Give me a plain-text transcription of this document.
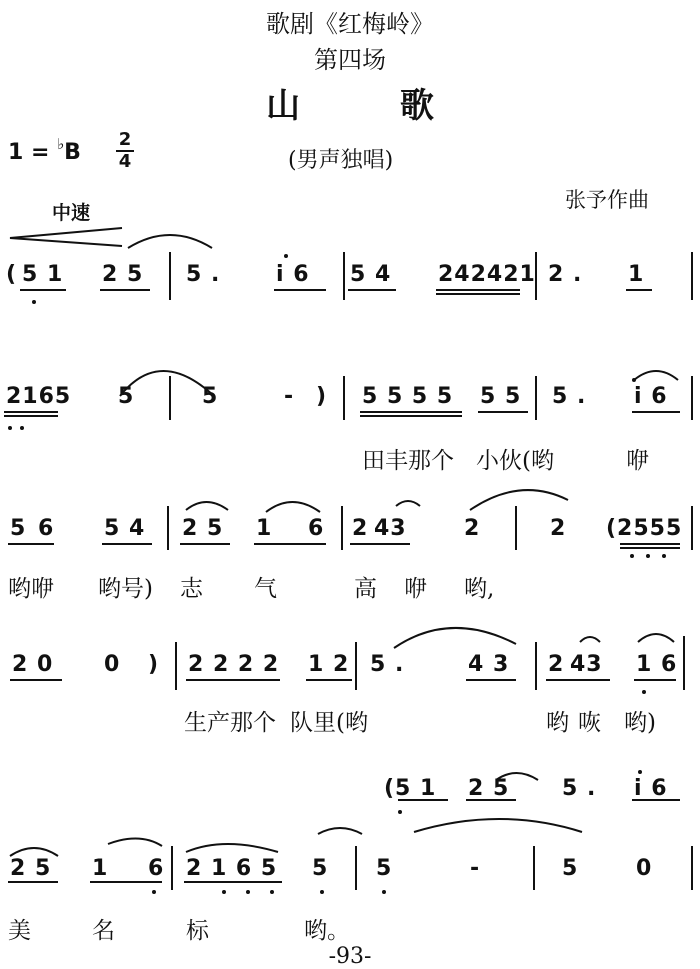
歌剧《红梅岭》
第四场
山 歌
$1 = ^♭B \frac{2}{4}$	(男声独唱)
张予作曲
中速
( 5 1 2 5 5 .	i 6 5 4 242421 2 . 1
2165 5	5	- ) 5 5 5 5 5 5 5 . i 6
田丰那个 小伙(哟	咿
5 6 5 4 2 5 1 6 2 43	2	2 (2555
哟咿 哟号) 志 气	高 咿 哟,
2 0 0 ) 2 2 2 2 1 2 5 .	4 3 2 43 1 6
生产那个 队里(哟	哟 咴 哟)
(5 1 2 5 5 . i 6
2 5 1 6 2 1 6 5 5 5	-	5	0
美	名	标	哟。
-93-
